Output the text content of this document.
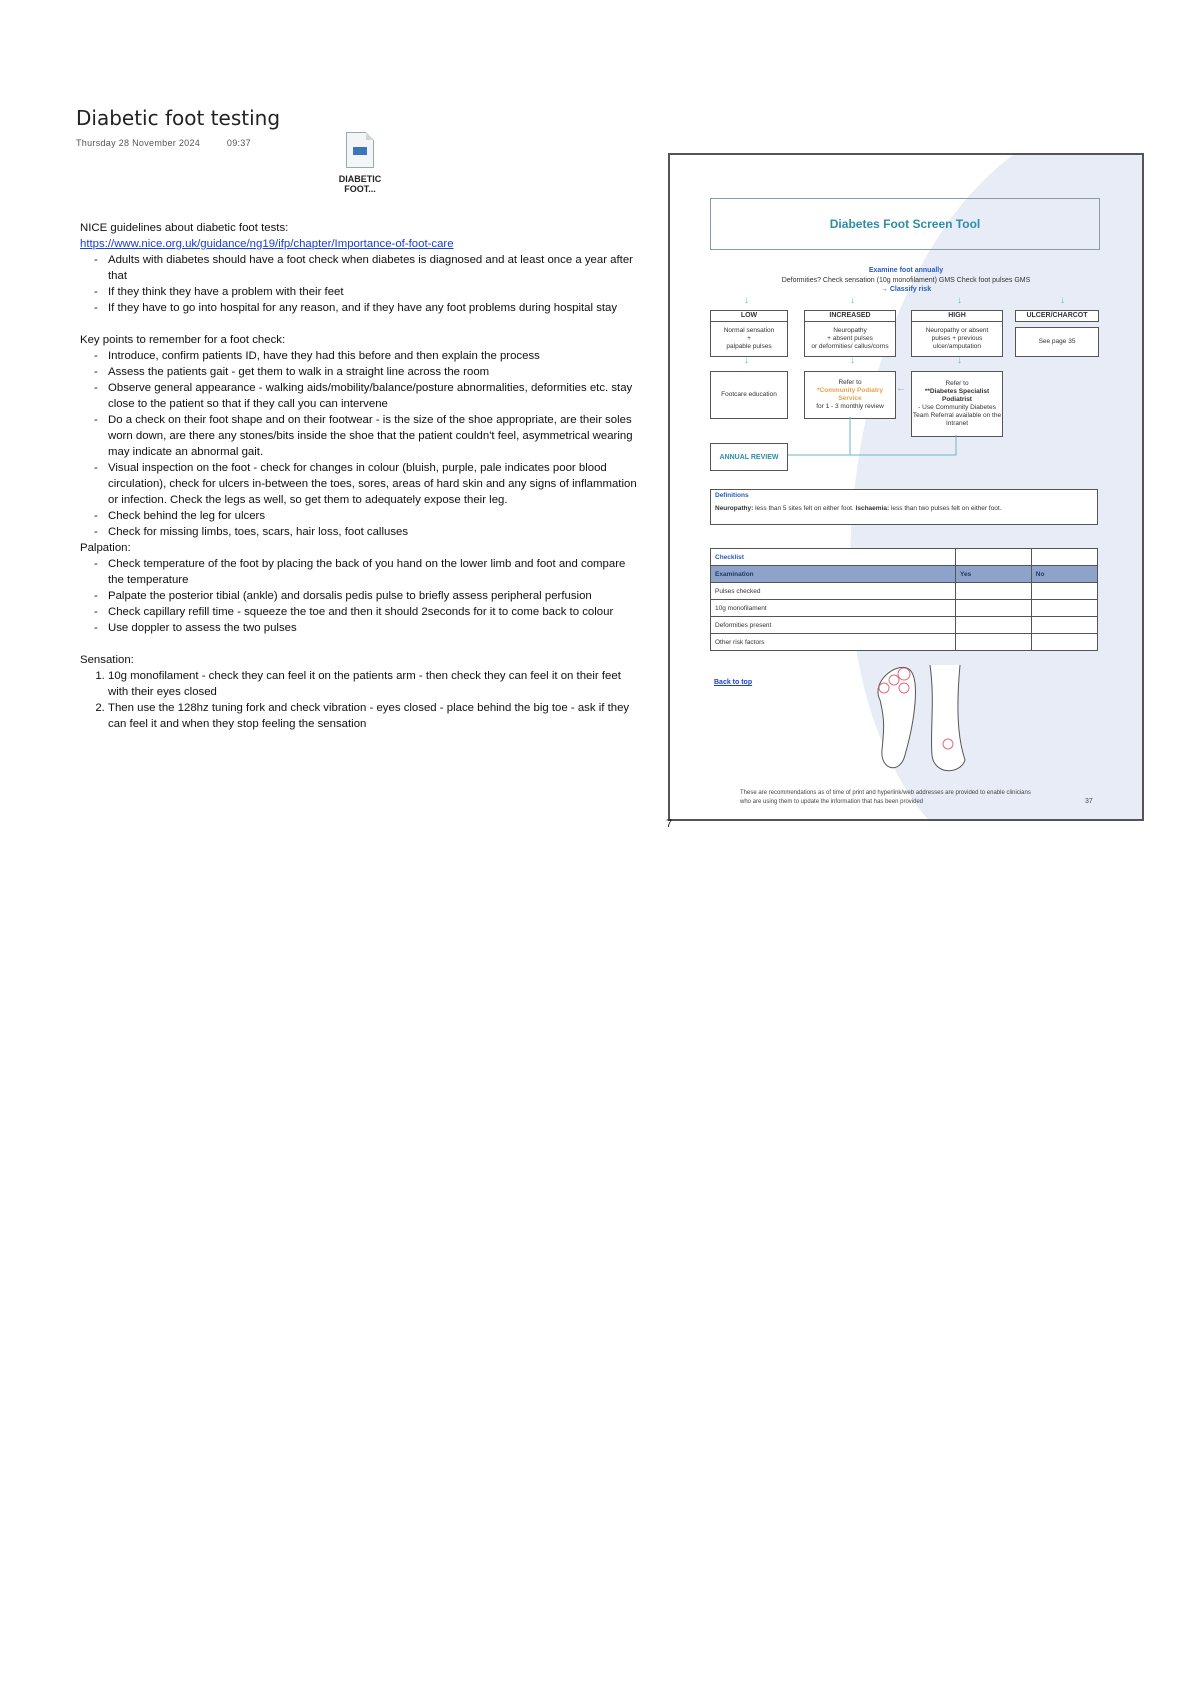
Diabetic foot testing
Thursday 28 November 2024	09:37
DIABETIC FOOT...

NICE guidelines about diabetic foot tests:

https://www.nice.org.uk/guidance/ng19/ifp/chapter/Importance-of-foot-care

- Adults with diabetes should have a foot check when diabetes is diagnosed and at least once a year after that
- If they think they have a problem with their feet
- If they have to go into hospital for any reason, and if they have any foot problems during hospital stay

Key points to remember for a foot check:

- Introduce, confirm patients ID, have they had this before and then explain the process
- Assess the patients gait - get them to walk in a straight line across the room
- Observe general appearance - walking aids/mobility/balance/posture abnormalities, deformities etc. stay close to the patient so that if they call you can intervene
- Do a check on their foot shape and on their footwear - is the size of the shoe appropriate, are their soles worn down, are there any stones/bits inside the shoe that the patient couldn't feel, asymmetrical wearing may indicate an abnormal gait.
- Visual inspection on the foot - check for changes in colour (bluish, purple, pale indicates poor blood circulation), check for ulcers in-between the toes, sores, areas of hard skin and any signs of inflammation or infection. Check the legs as well, so get them to adequately expose their leg.
- Check behind the leg for ulcers
- Check for missing limbs, toes, scars, hair loss, foot calluses

Palpation:

- Check temperature of the foot by placing the back of you hand on the lower limb and foot and compare the temperature
- Palpate the posterior tibial (ankle) and dorsalis pedis pulse to briefly assess peripheral perfusion
- Check capillary refill time - squeeze the toe and then it should 2seconds for it to come back to colour
- Use doppler to assess the two pulses

Sensation:

1. 10g monofilament - check they can feel it on the patients arm - then check they can feel it on their feet with their eyes closed
2. Then use the 128hz tuning fork and check vibration - eyes closed - place behind the big toe - ask if they can feel it and when they stop feeling the sensation
Diabetes Foot Screen Tool
Examine foot annually
Deformities? Check sensation (10g monofilament) GMS Check foot pulses GMS
→ Classify risk
↓	↓	↓	↓
LOW
Normal sensation
+
palpable pulses
INCREASED
Neuropathy
+ absent pulses
or deformities/ callus/corns
HIGH
Neuropathy or absent
pulses + previous
ulcer/amputation
ULCER/CHARCOT
See page 35
↓	↓	↓
Footcare education
Refer to
*Community Podiatry Service
for 1 - 3 monthly review
←	Refer to
**Diabetes Specialist Podiatrist
- Use Community Diabetes Team Referral available on the Intranet
ANNUAL REVIEW
Definitions
Neuropathy: less than 5 sites felt on either foot. Ischaemia: less than two pulses felt on either foot.
Checklist		
Examination	Yes	No
Pulses checked		
10g monofilament		
Deformities present		
Other risk factors		
Back to top
These are recommendations as of time of print and hyperlink/web addresses are provided to enable clinicians who are using them to update the information that has been provided	37
7
